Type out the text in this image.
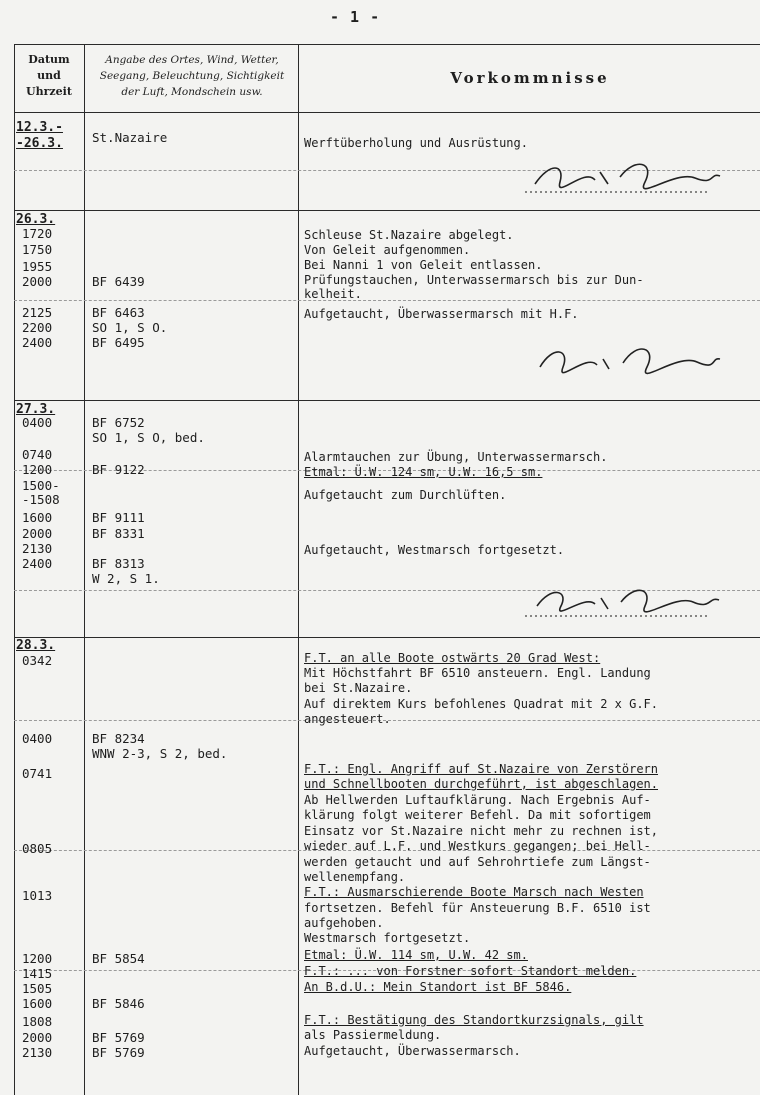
- 1 -
Datum
und
Uhrzeit
Angabe des Ortes, Wind, Wetter,
Seegang, Beleuchtung, Sichtigkeit
der Luft, Mondschein usw.
Vorkommnisse
12.3.-
-26.3.
26.3.
27.3.
28.3.
1720
1750
1955
2000
2125
2200
2400
0400
0740
1200
1500-
-1508
1600
2000
2130
2400
0342
0400
0741
0805
1013
1200
1415
1505
1600
1808
2000
2130
St.Nazaire
BF 6439
BF 6463
SO 1, S O.
BF 6495
BF 6752
SO 1, S O, bed.
BF 9122
BF 9111
BF 8331
BF 8313
W 2, S 1.
BF 8234
WNW 2-3, S 2, bed.
BF 5854
BF 5846
BF 5769
BF 5769
Werftüberholung und Ausrüstung.
Schleuse St.Nazaire abgelegt.
Von Geleit aufgenommen.
Bei Nanni 1 von Geleit entlassen.
Prüfungstauchen, Unterwassermarsch bis zur Dun-
kelheit.
Aufgetaucht, Überwassermarsch mit H.F.
Alarmtauchen zur Übung, Unterwassermarsch.
Etmal: Ü.W. 124 sm, U.W. 16,5 sm.
Aufgetaucht zum Durchlüften.
Aufgetaucht, Westmarsch fortgesetzt.
F.T. an alle Boote ostwärts 20 Grad West:
Mit Höchstfahrt BF 6510 ansteuern. Engl. Landung
bei St.Nazaire.
Auf direktem Kurs befohlenes Quadrat mit 2 x G.F.
angesteuert.
F.T.: Engl. Angriff auf St.Nazaire von Zerstörern
und Schnellbooten durchgeführt, ist abgeschlagen.
Ab Hellwerden Luftaufklärung. Nach Ergebnis Auf-
klärung folgt weiterer Befehl. Da mit sofortigem
Einsatz vor St.Nazaire nicht mehr zu rechnen ist,
wieder auf L.F. und Westkurs gegangen; bei Hell-
werden getaucht und auf Sehrohrtiefe zum Längst-
wellenempfang.
F.T.: Ausmarschierende Boote Marsch nach Westen
fortsetzen. Befehl für Ansteuerung B.F. 6510 ist
aufgehoben.
Westmarsch fortgesetzt.
Etmal: Ü.W. 114 sm, U.W. 42 sm.
F.T.: ... von Forstner sofort Standort melden.
An B.d.U.: Mein Standort ist BF 5846.
F.T.: Bestätigung des Standortkurzsignals, gilt
als Passiermeldung.
Aufgetaucht, Überwassermarsch.
